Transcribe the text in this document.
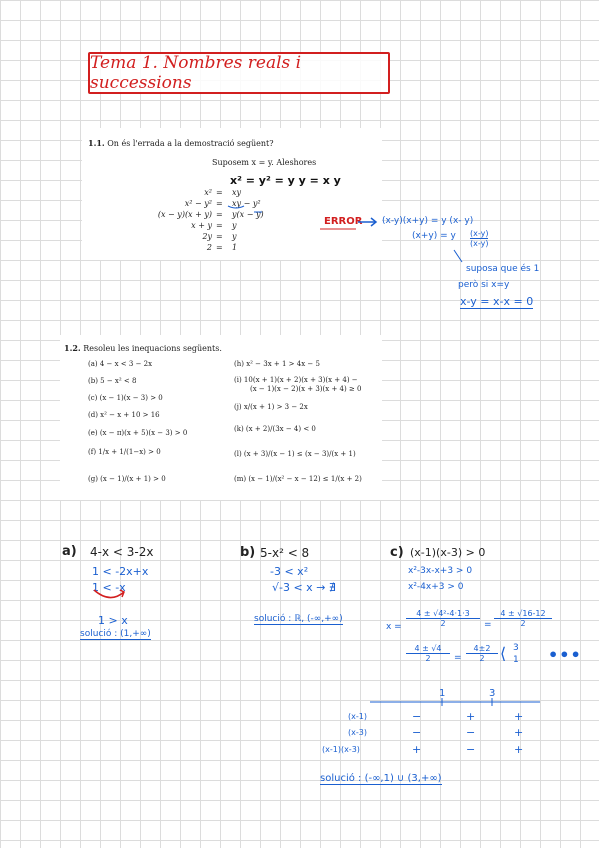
Tema 1. Nombres reals i successions
1.1. On és l'errada a la demostració següent?
Suposem x = y. Aleshores
x² = y² = y y = x y
x² = xy
x² − y² = xy − y²
(x − y)(x + y) = y(x − y)
x + y = y
2y = y
2 = 1
ERROR (x-y)(x+y) = y (x- y)
(x+y) = y (x-y)
(x-y)
suposa que és 1
però si x=y
x-y = x-x = 0
1.2. Resoleu les inequacions següents.
(a) 4 − x < 3 − 2x
(b) 5 − x² < 8
(c) (x − 1)(x − 3) > 0
(d) x² − x + 10 > 16
(e) (x − π)(x + 5)(x − 3) > 0
(f) 1/x + 1/(1−x) > 0
(g) (x − 1)/(x + 1) > 0
(h) x² − 3x + 1 > 4x − 5
(i) 10(x + 1)(x + 2)(x + 3)(x + 4) −
(x − 1)(x − 2)(x + 3)(x + 4) ≥ 0
(j) x/(x + 1) > 3 − 2x
(k) (x + 2)/(3x − 4) < 0
(l) (x + 3)/(x − 1) ≤ (x − 3)/(x + 1)
(m) (x − 1)/(x² − x − 12) ≤ 1/(x + 2)
a) 4-x < 3-2x
1 < -2x+x
1 < -x
1 > x
solució : (1,+∞)
b) 5-x² < 8
-3 < x²
√-3 < x → ∄
solució : ℝ, (-∞,+∞)
c) (x-1)(x-3) > 0
x²-3x-x+3 > 0
x²-4x+3 > 0
x =
4 ± √4²-4·1·3
2	=
4 ± √16-12
2
4 ± √4
2	=
4±2
2 ⟨ 3
1 •••
1	3
(x-1)	−	+	+
(x-3)	−	−	+
(x-1)(x-3)	+	−	+
solució : (-∞,1) ∪ (3,+∞)
